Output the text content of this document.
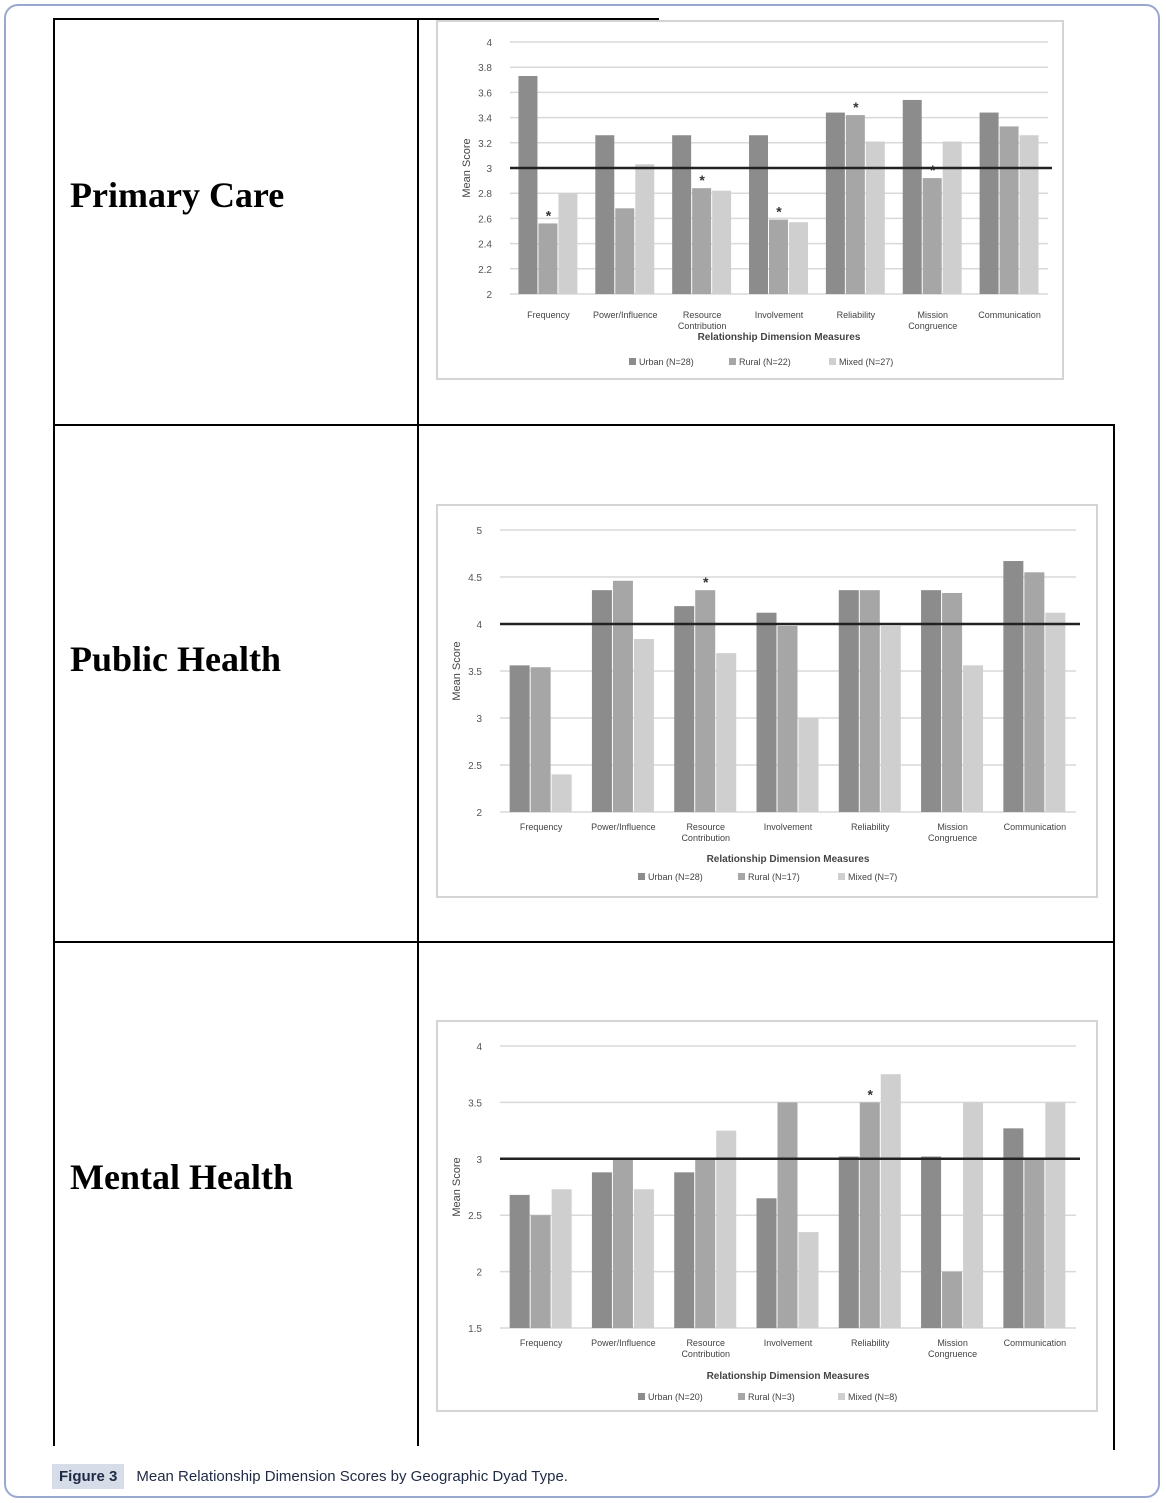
Primary Care
Public Health
Mental Health
2
2.2
2.4
2.6
2.8
3
3.2
3.4
3.6
3.8
4
*
*
*
*
*
Frequency	Power/Influence	Resource Contribution
Involvement	Reliability	Mission Congruence
Communication
Mean Score
Relationship Dimension Measures
Urban (N=28)	Rural (N=22)	Mixed (N=27)
2
2.5
3
3.5
4
4.5
5
*
Frequency	Power/Influence	Resource Contribution
Involvement	Reliability	Mission Congruence
Communication
Mean Score
Relationship Dimension Measures
Urban (N=28)	Rural (N=17)	Mixed (N=7)
1.5
2
2.5
3
3.5
4
*
Frequency	Power/Influence	Resource Contribution
Involvement	Reliability	Mission Congruence
Communication
Mean Score
Relationship Dimension Measures
Urban (N=20)	Rural (N=3)	Mixed (N=8)
Figure 3	Mean Relationship Dimension Scores by Geographic Dyad Type.
